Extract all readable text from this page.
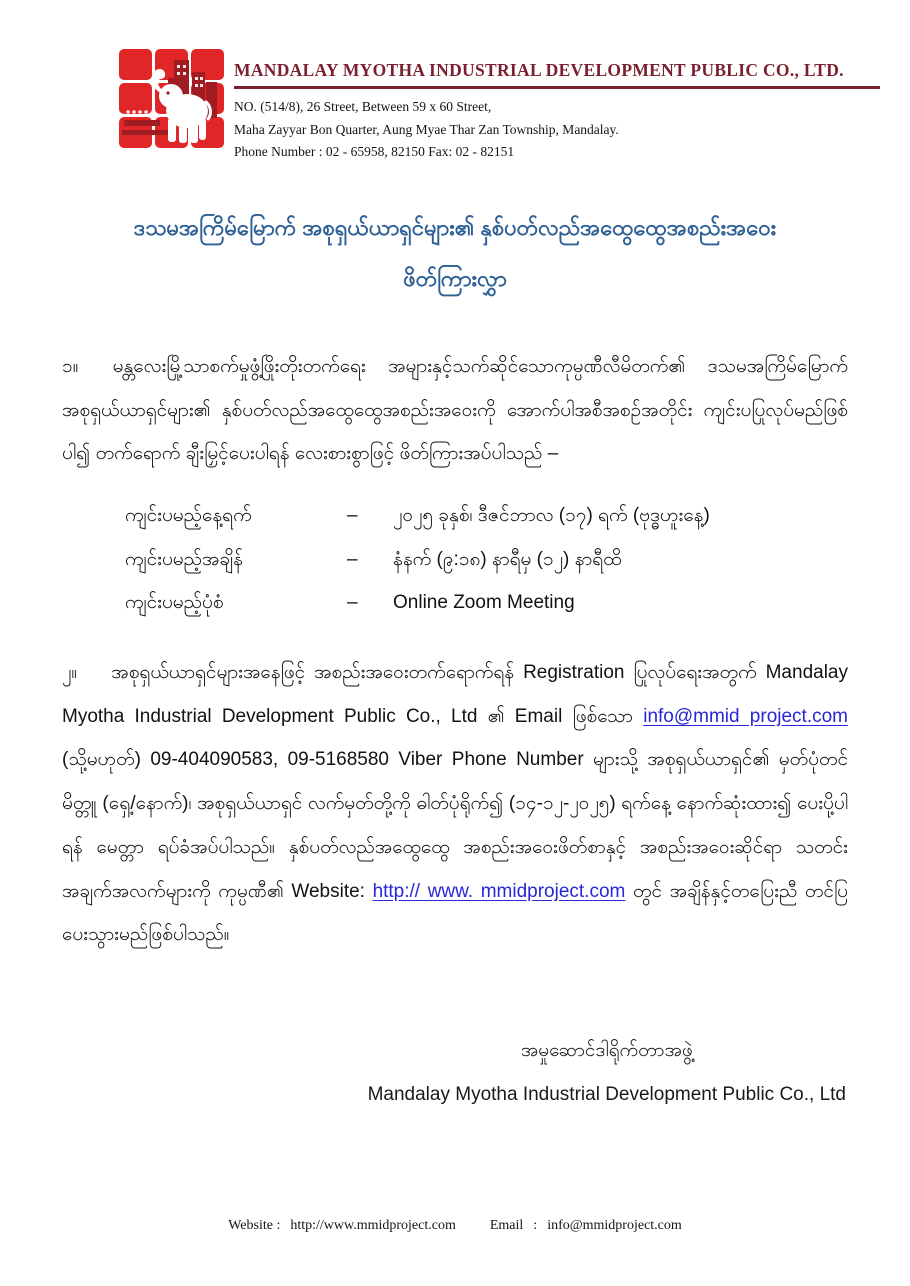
MANDALAY MYOTHA INDUSTRIAL DEVELOPMENT PUBLIC CO., LTD.
NO. (514/8), 26 Street, Between 59 x 60 Street,
Maha Zayyar Bon Quarter, Aung Myae Thar Zan Township, Mandalay.
Phone Number : 02 - 65958, 82150 Fax: 02 - 82151
ဒသမအကြိမ်မြောက် အစုရှယ်ယာရှင်များ၏ နှစ်ပတ်လည်အထွေထွေအစည်းအဝေး
ဖိတ်ကြားလွှာ

၁။ မန္တလေးမြို့သာစက်မှုဖွံ့ဖြိုးတိုးတက်ရေး အများနှင့်သက်ဆိုင်သောကုမ္ပဏီလီမိတက်၏ ဒသမအကြိမ်မြောက် အစုရှယ်ယာရှင်များ၏ နှစ်ပတ်လည်အထွေထွေအစည်းအဝေးကို အောက်ပါအစီအစဉ်အတိုင်း ကျင်းပပြုလုပ်မည်ဖြစ်ပါ၍ တက်ရောက် ချီးမြှင့်ပေးပါရန် လေးစားစွာဖြင့် ဖိတ်ကြားအပ်ပါသည် –

ကျင်းပမည့်နေ့ရက်	–	၂၀၂၅ ခုနှစ်၊ ဒီဇင်ဘာလ (၁၇) ရက် (ဗုဒ္ဓဟူးနေ့)
ကျင်းပမည့်အချိန်	–	နံနက် (၉:၁၈) နာရီမှ (၁၂) နာရီထိ
ကျင်းပမည့်ပုံစံ	–	Online Zoom Meeting

၂။ အစုရှယ်ယာရှင်များအနေဖြင့် အစည်းအဝေးတက်ရောက်ရန် Registration ပြုလုပ်ရေးအတွက် Mandalay Myotha Industrial Development Public Co., Ltd ၏ Email ဖြစ်သော info@mmid project.com (သို့မဟုတ်) 09-404090583, 09-5168580 Viber Phone Number များသို့ အစုရှယ်ယာရှင်၏ မှတ်ပုံတင်မိတ္တူ (ရှေ့/နောက်)၊ အစုရှယ်ယာရှင် လက်မှတ်တို့ကို ဓါတ်ပုံရိုက်၍ (၁၄-၁၂-၂၀၂၅) ရက်နေ့ နောက်ဆုံးထား၍ ပေးပို့ပါရန် မေတ္တာ ရပ်ခံအပ်ပါသည်။ နှစ်ပတ်လည်အထွေထွေ အစည်းအဝေးဖိတ်စာနှင့် အစည်းအဝေးဆိုင်ရာ သတင်းအချက်အလက်များကို ကုမ္ပဏီ၏ Website: http:// www. mmidproject.com တွင် အချိန်နှင့်တပြေးညီ တင်ပြပေးသွားမည်ဖြစ်ပါသည်။

အမှုဆောင်ဒါရိုက်တာအဖွဲ့
Mandalay Myotha Industrial Development Public Co., Ltd
Website : http://www.mmidproject.com Email : info@mmidproject.com
